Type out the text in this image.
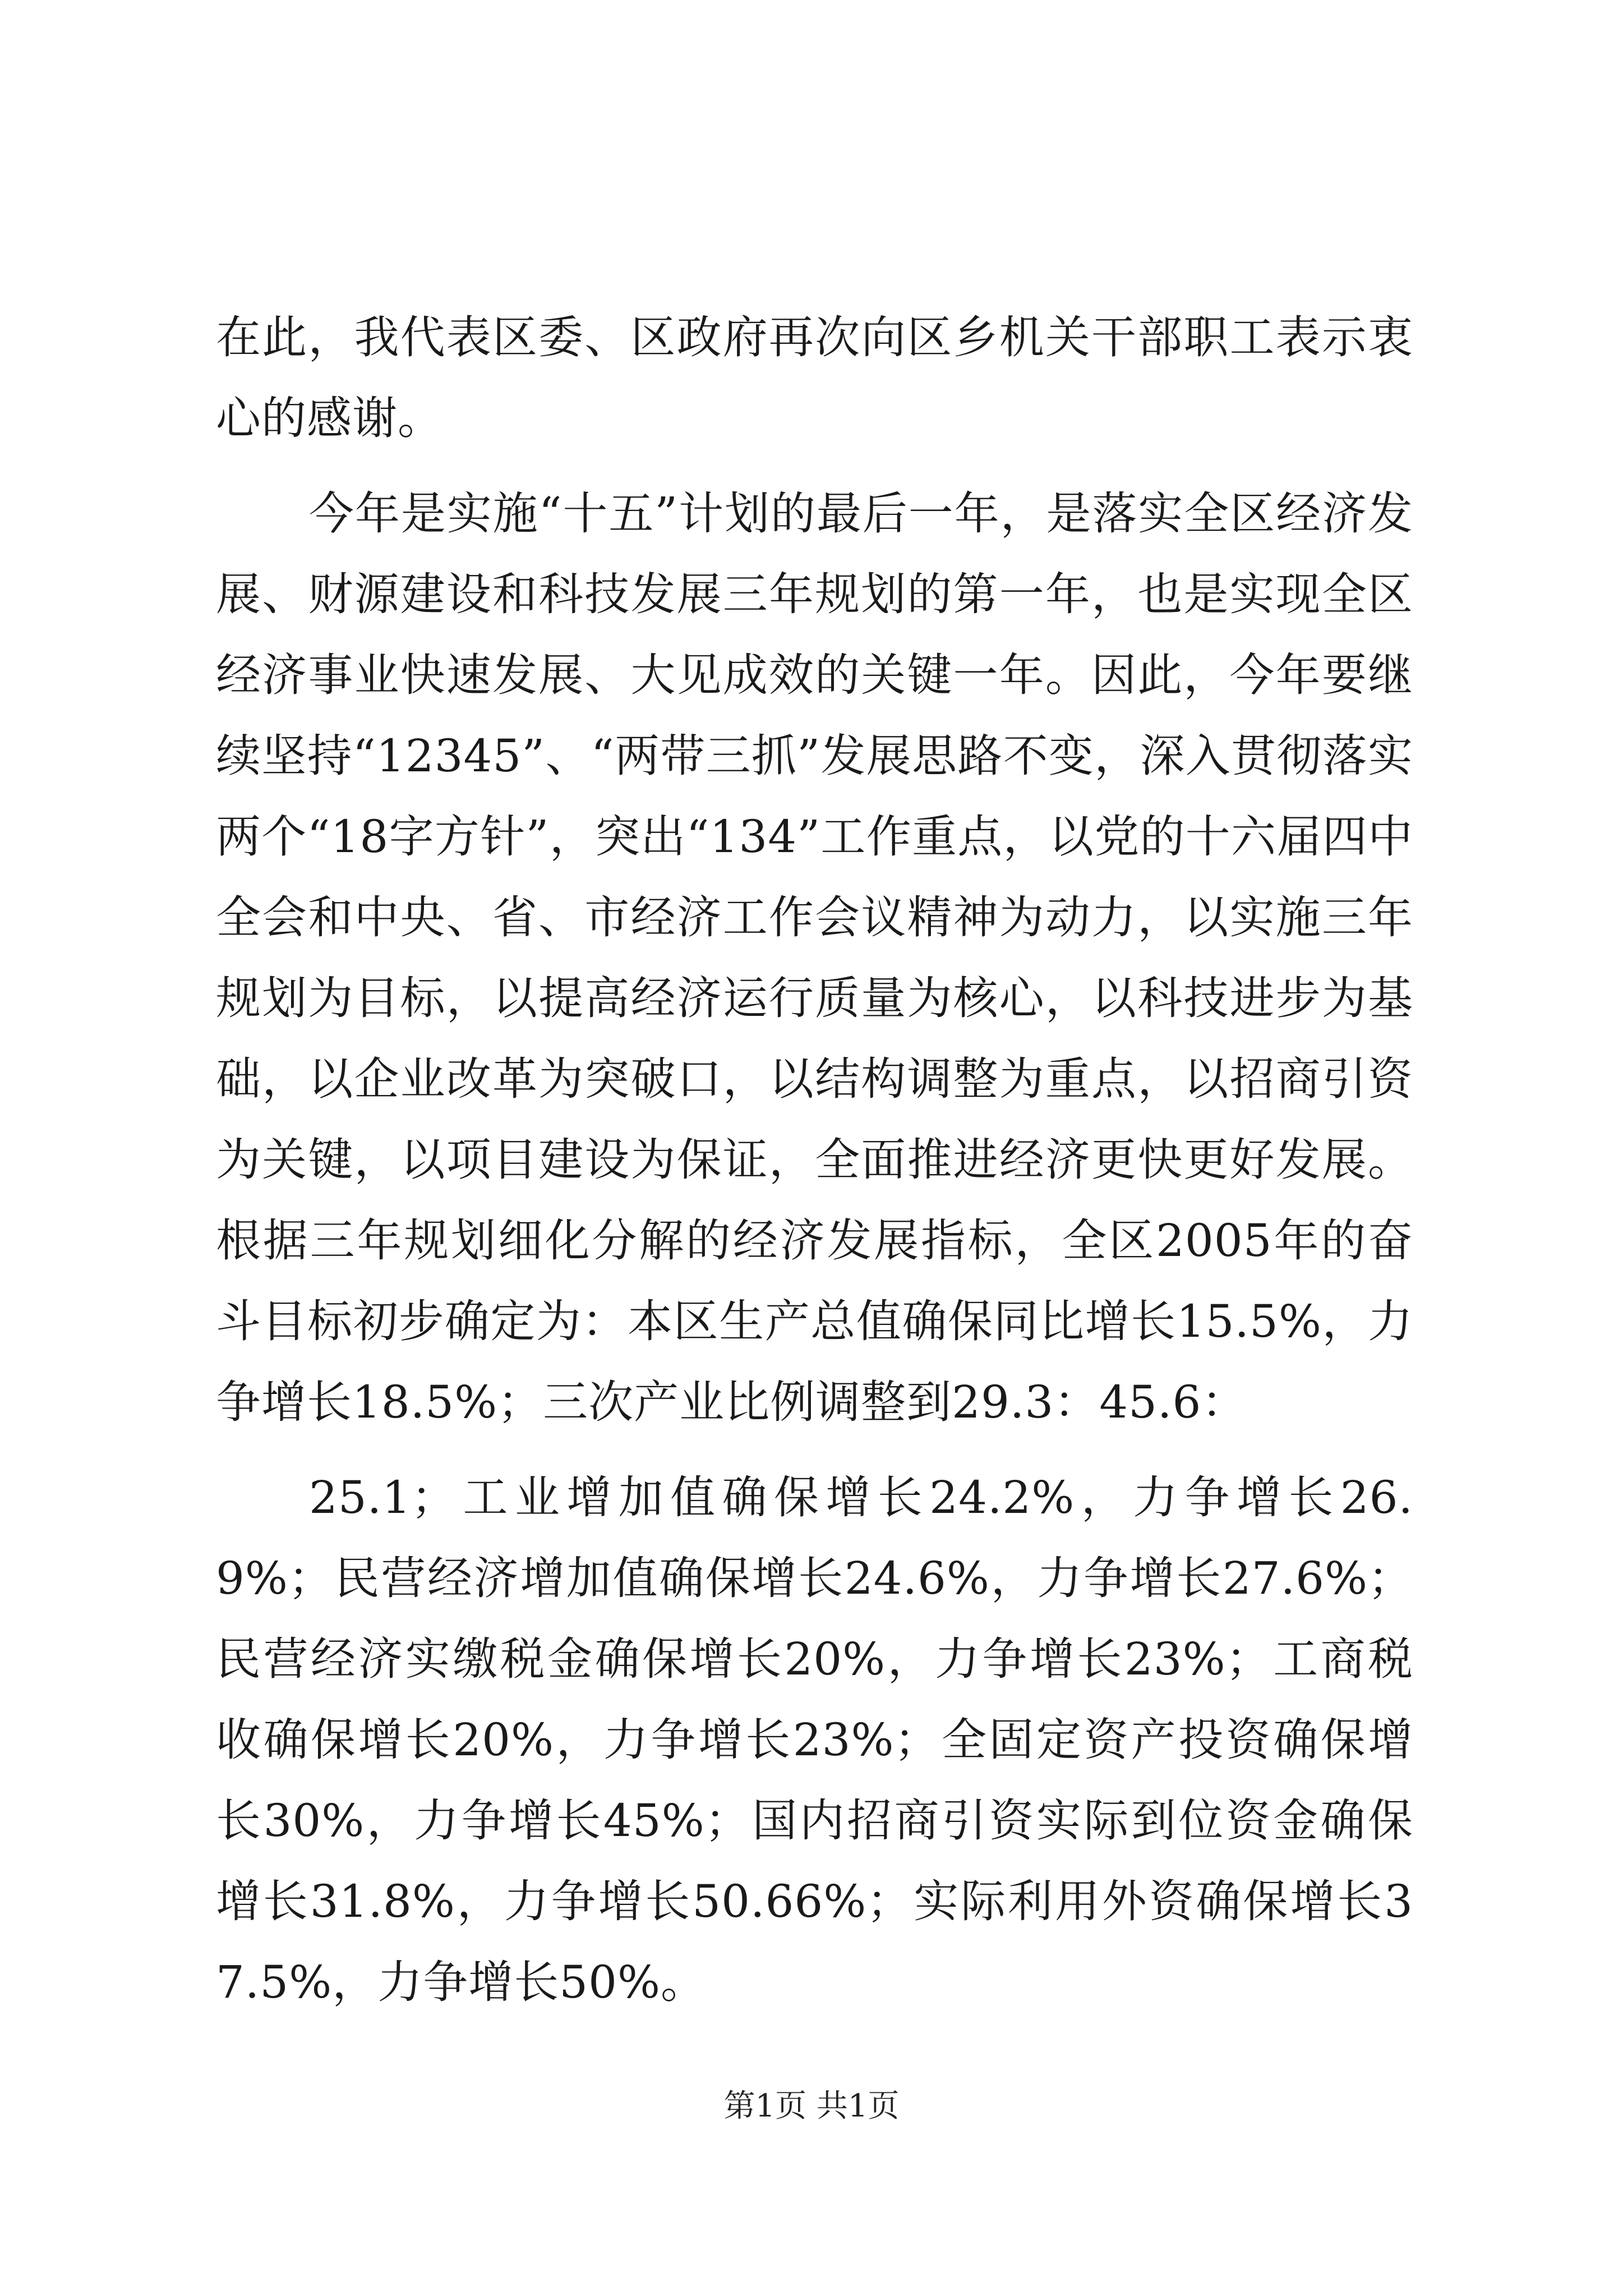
在此，我代表区委、区政府再次向区乡机关干部职工表示衷心的感谢。

今年是实施“十五”计划的最后一年，是落实全区经济发展、财源建设和科技发展三年规划的第一年，也是实现全区经济事业快速发展、大见成效的关键一年。因此，今年要继续坚持“12345”、“两带三抓”发展思路不变，深入贯彻落实两个“18字方针”，突出“134”工作重点，以党的十六届四中全会和中央、省、市经济工作会议精神为动力，以实施三年规划为目标，以提高经济运行质量为核心，以科技进步为基础，以企业改革为突破口，以结构调整为重点，以招商引资为关键，以项目建设为保证，全面推进经济更快更好发展。根据三年规划细化分解的经济发展指标，全区2005年的奋斗目标初步确定为：本区生产总值确保同比增长15.5%，力争增长18.5%；三次产业比例调整到29.3：45.6：

25.1；工业增加值确保增长24.2%，力争增长26.9%；民营经济增加值确保增长24.6%，力争增长27.6%；民营经济实缴税金确保增长20%，力争增长23%；工商税收确保增长20%，力争增长23%；全固定资产投资确保增长30%，力争增长45%；国内招商引资实际到位资金确保增长31.8%，力争增长50.66%；实际利用外资确保增长37.5%，力争增长50%。

第1页 共1页
